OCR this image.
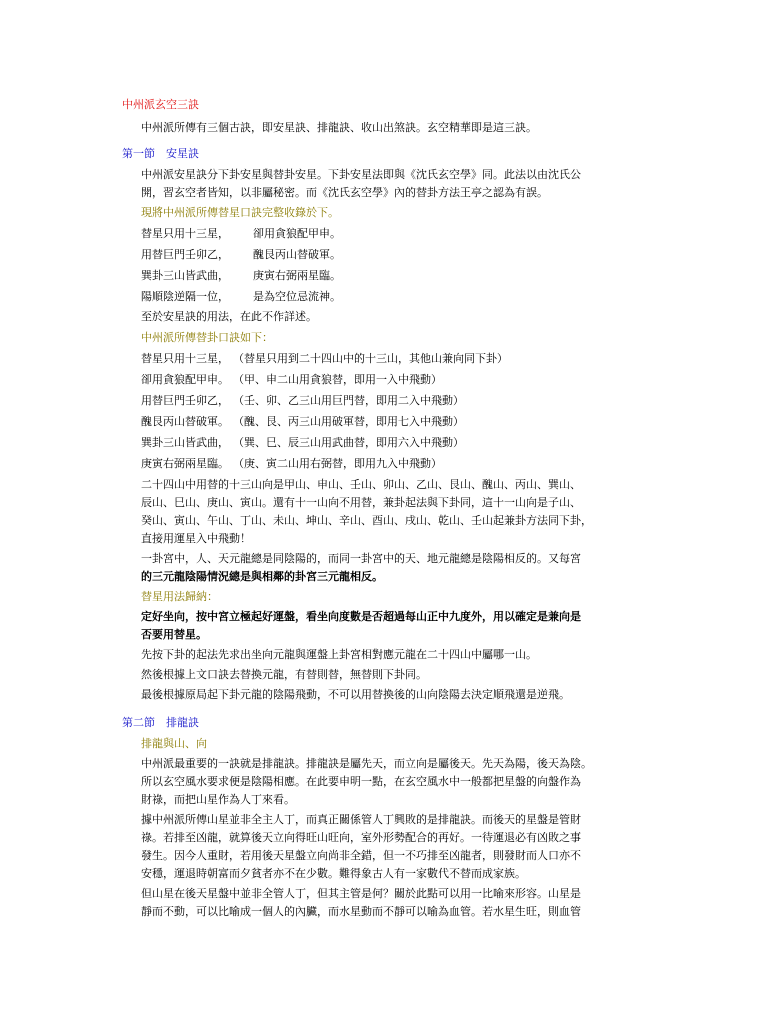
中州派玄空三訣
中州派所傳有三個古訣，即安星訣、排龍訣、收山出煞訣。玄空精華即是這三訣。
第一節　安星訣
中州派安星訣分下卦安星與替卦安星。下卦安星法即與《沈氏玄空學》同。此法以由沈氏公
開，習玄空者皆知，以非屬秘密。而《沈氏玄空學》內的替卦方法王亭之認為有誤。
現將中州派所傳替星口訣完整收錄於下。
替星只用十三星， 卻用貪狼配甲申。
用替巨門壬卯乙， 醜艮丙山替破軍。
巽卦三山皆武曲， 庚寅右弼兩星臨。
陽順陰逆隔一位， 是為空位忌流神。
至於安星訣的用法，在此不作詳述。
中州派所傳替卦口訣如下：
替星只用十三星， （替星只用到二十四山中的十三山，其他山兼向同下卦）
卻用貪狼配甲申。 （甲、申二山用貪狼替，即用一入中飛動）
用替巨門壬卯乙， （壬、卯、乙三山用巨門替，即用二入中飛動）
醜艮丙山替破軍。 （醜、艮、丙三山用破軍替，即用七入中飛動）
巽卦三山皆武曲， （巽、巳、辰三山用武曲替，即用六入中飛動）
庚寅右弼兩星臨。 （庚、寅二山用右弼替，即用九入中飛動）
二十四山中用替的十三山向是甲山、申山、壬山、卯山、乙山、艮山、醜山、丙山、巽山、
辰山、巳山、庚山、寅山。還有十一山向不用替，兼卦起法與下卦同，這十一山向是子山、
癸山、寅山、午山、丁山、未山、坤山、辛山、酉山、戌山、乾山、壬山起兼卦方法同下卦，
直接用運星入中飛動！
一卦宮中，人、天元龍總是同陰陽的，而同一卦宮中的天、地元龍總是陰陽相反的。又每宮
的三元龍陰陽情況總是與相鄰的卦宮三元龍相反。
替星用法歸納：
定好坐向，按中宮立極起好運盤，看坐向度數是否超過每山正中九度外，用以確定是兼向是
否要用替星。
先按下卦的起法先求出坐向元龍與運盤上卦宮相對應元龍在二十四山中屬哪一山。
然後根據上文口訣去替換元龍，有替則替，無替則下卦同。
最後根據原局起下卦元龍的陰陽飛動，不可以用替換後的山向陰陽去決定順飛還是逆飛。
第二節　排龍訣
排龍與山、向
中州派最重要的一訣就是排龍訣。排龍訣是屬先天，而立向是屬後天。先天為陽，後天為陰。
所以玄空風水要求便是陰陽相應。在此要申明一點，在玄空風水中一般都把星盤的向盤作為
財祿，而把山星作為人丁來看。
據中州派所傳山星並非全主人丁，而真正關係管人丁興敗的是排龍訣。而後天的星盤是管財
祿。若排至凶龍，就算後天立向得旺山旺向，室外形勢配合的再好。一待運退必有凶敗之事
發生。因今人重財，若用後天星盤立向尚非全錯，但一不巧排至凶龍者，則發財而人口亦不
安穩，運退時朝富而夕貧者亦不在少數。難得象古人有一家數代不替而成家族。
但山星在後天星盤中並非全管人丁，但其主管是何？關於此點可以用一比喻來形容。山星是
靜而不動，可以比喻成一個人的內臟，而水星動而不靜可以喻為血管。若水星生旺，則血管
